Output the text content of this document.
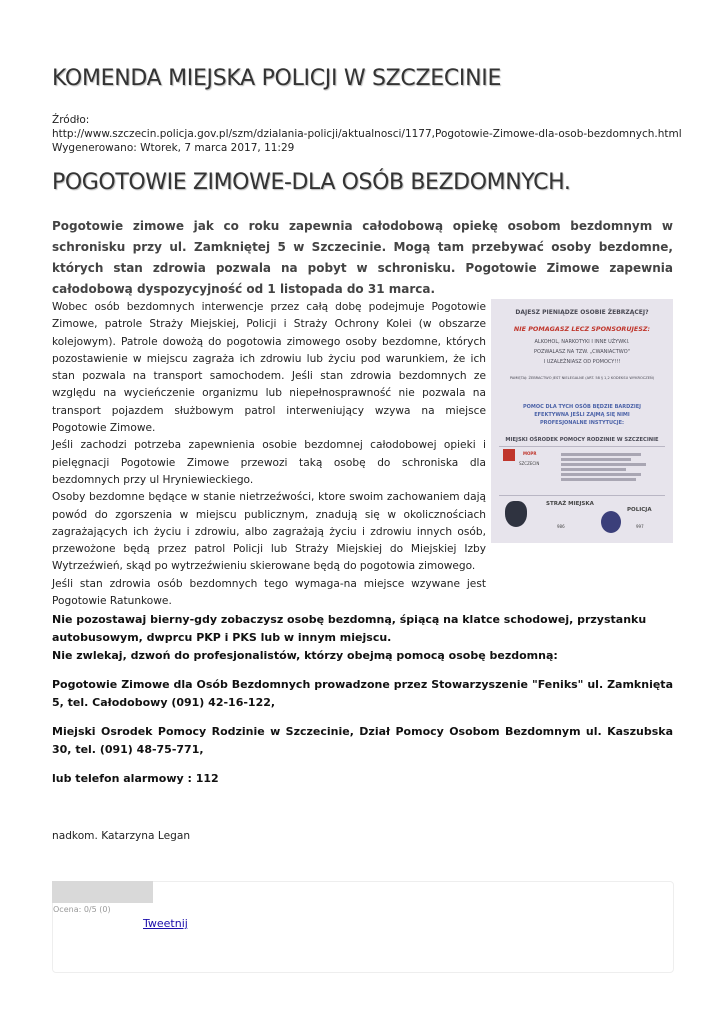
KOMENDA MIEJSKA POLICJI W SZCZECINIE
Źródło:
http://www.szczecin.policja.gov.pl/szm/dzialania-policji/aktualnosci/1177,Pogotowie-Zimowe-dla-osob-bezdomnych.html
Wygenerowano: Wtorek, 7 marca 2017, 11:29
POGOTOWIE ZIMOWE-DLA OSÓB BEZDOMNYCH.

Pogotowie zimowe jak co roku zapewnia całodobową opiekę osobom bezdomnym w schronisku przy ul. Zamkniętej 5 w Szczecinie. Mogą tam przebywać osoby bezdomne, których stan zdrowia pozwala na pobyt w schronisku. Pogotowie Zimowe zapewnia całodobową dyspozycyjność od 1 listopada do 31 marca.

Wobec osób bezdomnych interwencje przez całą dobę podejmuje Pogotowie Zimowe, patrole Straży Miejskiej, Policji i Straży Ochrony Kolei (w obszarze kolejowym). Patrole dowożą do pogotowia zimowego osoby bezdomne, których pozostawienie w miejscu zagraża ich zdrowiu lub życiu pod warunkiem, że ich stan pozwala na transport samochodem. Jeśli stan zdrowia bezdomnych ze względu na wycieńczenie organizmu lub niepełnosprawność nie pozwala na transport pojazdem służbowym patrol interweniujący wzywa na miejsce Pogotowie Zimowe.

Jeśli zachodzi potrzeba zapewnienia osobie bezdomnej całodobowej opieki i pielęgnacji Pogotowie Zimowe przewozi taką osobę do schroniska dla bezdomnych przy ul Hryniewieckiego.

Osoby bezdomne będące w stanie nietrzeźwości, ktore swoim zachowaniem dają powód do zgorszenia w miejscu publicznym, znadują się w okolicznościach zagrażających ich życiu i zdrowiu, albo zagrażają życiu i zdrowiu innych osób, przewożone będą przez patrol Policji lub Straży Miejskiej do Miejskiej Izby Wytrzeźwień, skąd po wytrzeźwieniu skierowane będą do pogotowia zimowego.

Jeśli stan zdrowia osób bezdomnych tego wymaga-na miejsce wzywane jest Pogotowie Ratunkowe.

DAJESZ PIENIĄDZE OSOBIE ŻEBRZĄCEJ?
NIE POMAGASZ LECZ SPONSORUJESZ:
ALKOHOL, NARKOTYKI I INNE UŻYWKI.
POZWALASZ NA TZW. „CWANIACTWO"
I UZALEŻNIASZ OD POMOCY!!!
PAMIĘTAJ: ŻEBRACTWO JEST NIELEGALNE (ART. 58 § 1,2 KODEKSU WYKROCZEŃ)
POMOC DLA TYCH OSÓB BĘDZIE BARDZIEJ
EFEKTYWNA JEŚLI ZAJMĄ SIĘ NIMI
PROFESJONALNE INSTYTUCJE:
MIEJSKI OŚRODEK POMOCY RODZINIE W SZCZECINIE
MOPR
SZCZECIN
STRAŻ MIEJSKA
986
POLICJA
997
Nie pozostawaj bierny-gdy zobaczysz osobę bezdomną, śpiącą na klatce schodowej, przystanku autobusowym, dwprcu PKP i PKS lub w innym miejscu.
Nie zwlekaj, dzwoń do profesjonalistów, którzy obejmą pomocą osobę bezdomną:
Pogotowie Zimowe dla Osób Bezdomnych prowadzone przez Stowarzyszenie "Feniks" ul. Zamknięta 5, tel. Całodobowy (091) 42-16-122,
Miejski Osrodek Pomocy Rodzinie w Szczecinie, Dział Pomocy Osobom Bezdomnym ul. Kaszubska 30, tel. (091) 48-75-771,
lub telefon alarmowy : 112
nadkom. Katarzyna Legan
Ocena: 0/5 (0)
Tweetnij
